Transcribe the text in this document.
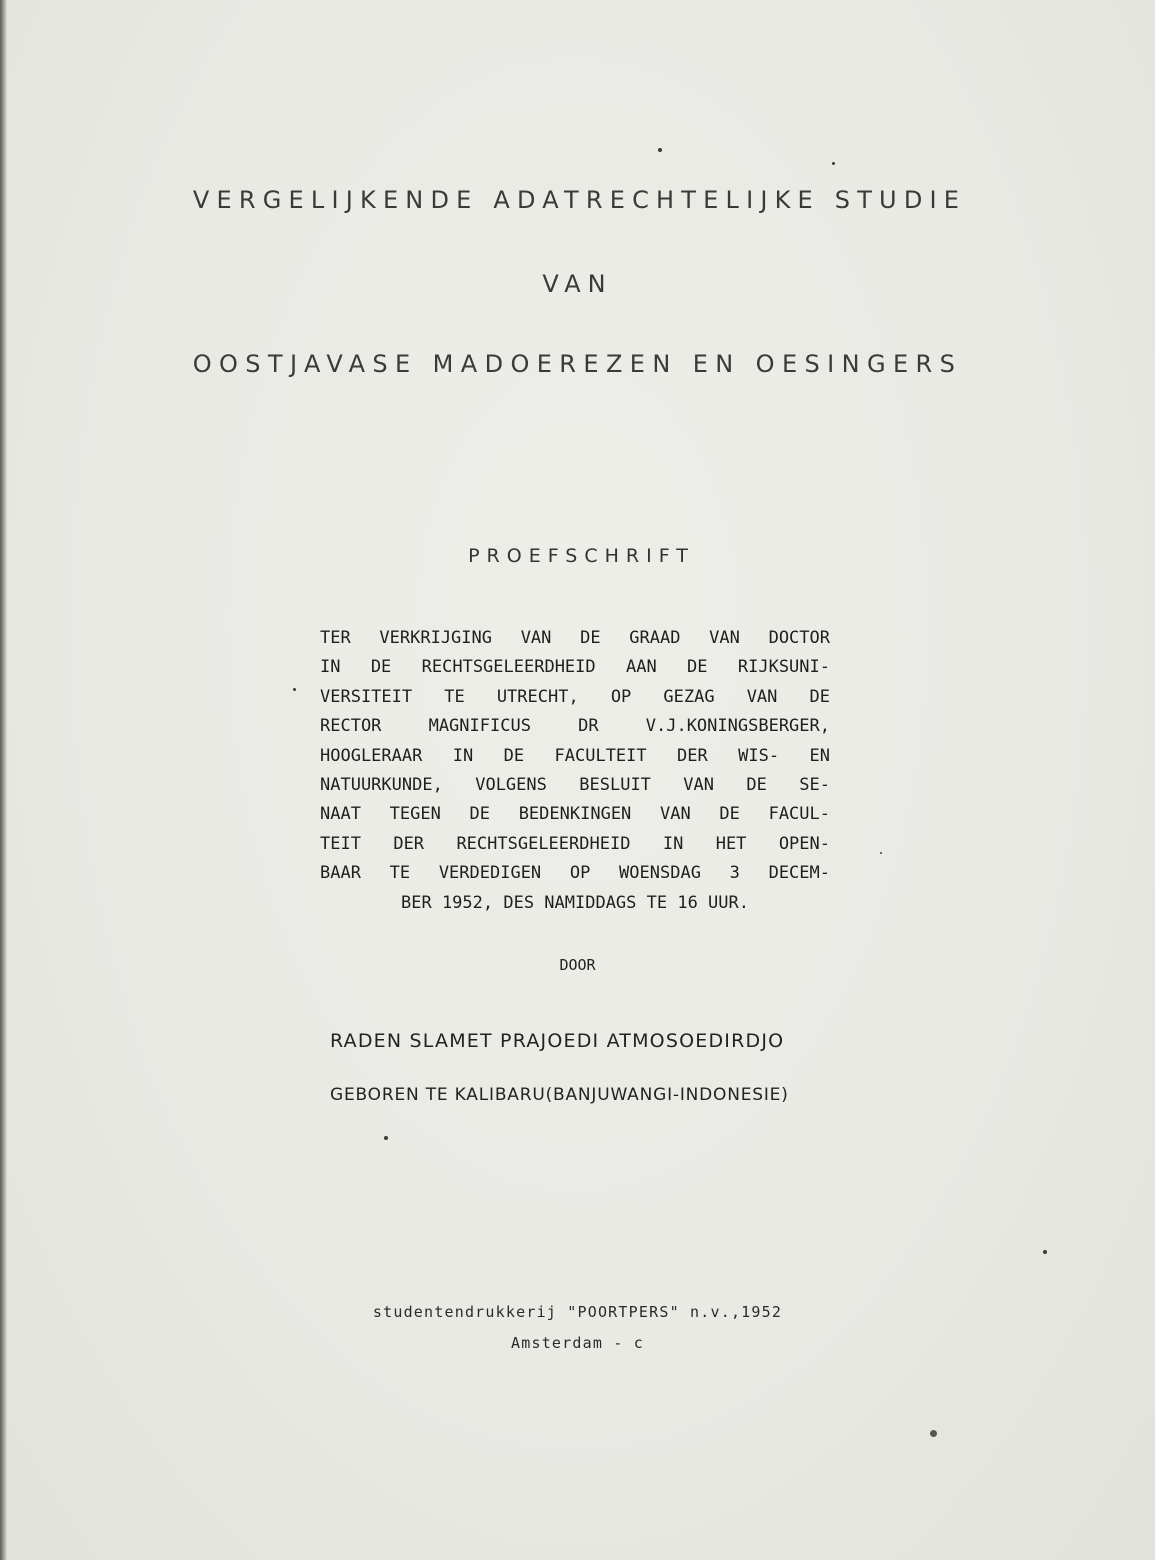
VERGELIJKENDE ADATRECHTELIJKE STUDIE
VAN
OOSTJAVASE MADOEREZEN EN OESINGERS
PROEFSCHRIFT
TER VERKRIJGING VAN DE GRAAD VAN DOCTOR
IN DE RECHTSGELEERDHEID AAN DE RIJKSUNI-
VERSITEIT TE UTRECHT, OP GEZAG VAN DE
RECTOR MAGNIFICUS DR V.J.KONINGSBERGER,
HOOGLERAAR IN DE FACULTEIT DER WIS- EN
NATUURKUNDE, VOLGENS BESLUIT VAN DE SE-
NAAT TEGEN DE BEDENKINGEN VAN DE FACUL-
TEIT DER RECHTSGELEERDHEID IN HET OPEN-
BAAR TE VERDEDIGEN OP WOENSDAG 3 DECEM-
BER 1952, DES NAMIDDAGS TE 16 UUR.
DOOR
RADEN SLAMET PRAJOEDI ATMOSOEDIRDJO
GEBOREN TE KALIBARU(BANJUWANGI-INDONESIE)
studentendrukkerij "POORTPERS" n.v.,1952
Amsterdam - c
